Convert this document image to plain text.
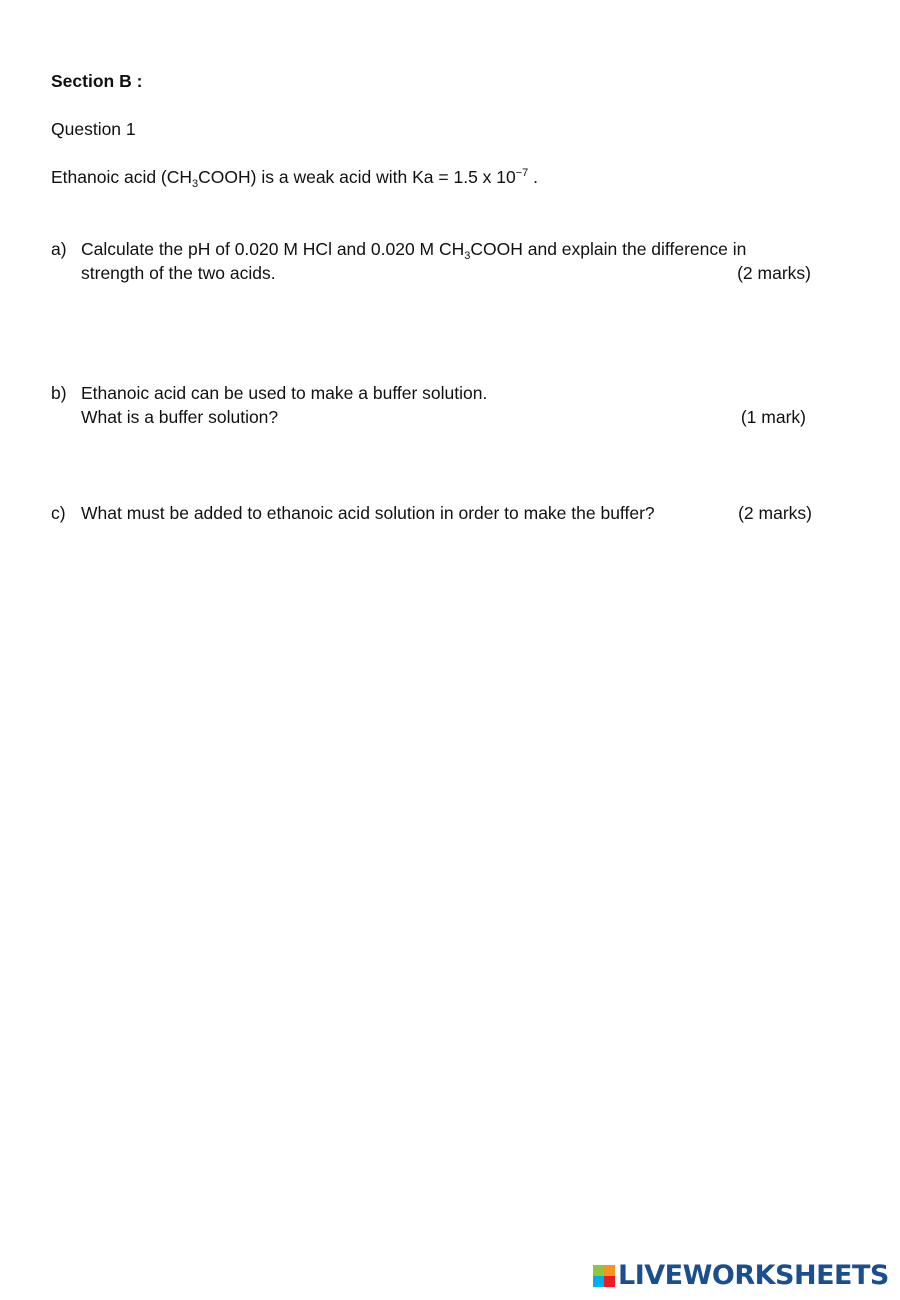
Section B :
Question 1
Ethanoic acid $(CH_3COOH)$ is a weak acid with Ka = 1.5 x $10^{-7}$ .
a) Calculate the pH of 0.020 M HCl and 0.020 M $CH_3COOH$ and explain the difference in
strength of the two acids.	(2 marks)
b) Ethanoic acid can be used to make a buffer solution.
What is a buffer solution?	(1 mark)
c) What must be added to ethanoic acid solution in order to make the buffer?	(2 marks)
LIVEWORKSHEETS
